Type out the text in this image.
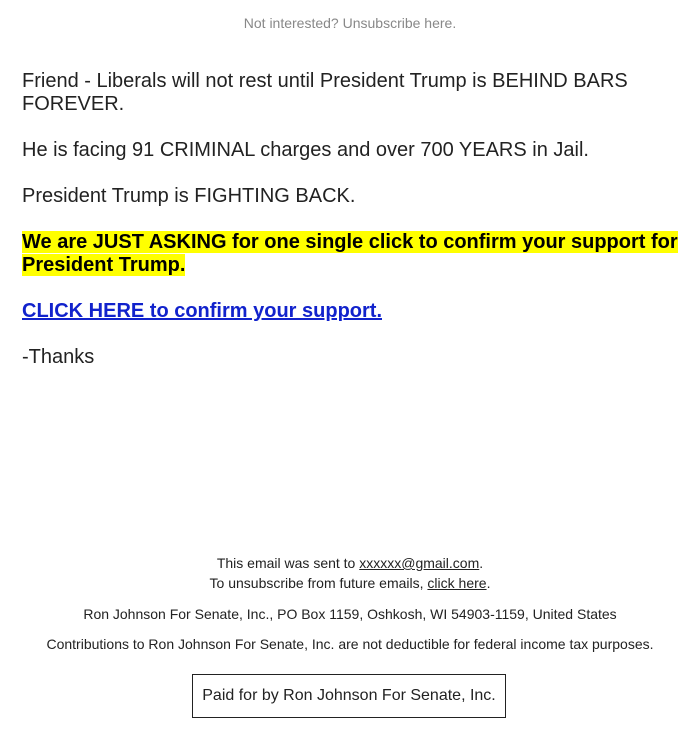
Not interested? Unsubscribe here.

Friend - Liberals will not rest until President Trump is BEHIND BARS FOREVER.

He is facing 91 CRIMINAL charges and over 700 YEARS in Jail.

President Trump is FIGHTING BACK.

We are JUST ASKING for one single click to confirm your support for President Trump.

CLICK HERE to confirm your support.

-Thanks

This email was sent to xxxxxx@gmail.com.
To unsubscribe from future emails, click here.
Ron Johnson For Senate, Inc., PO Box 1159, Oshkosh, WI 54903-1159, United States
Contributions to Ron Johnson For Senate, Inc. are not deductible for federal income tax purposes.
Paid for by Ron Johnson For Senate, Inc.
